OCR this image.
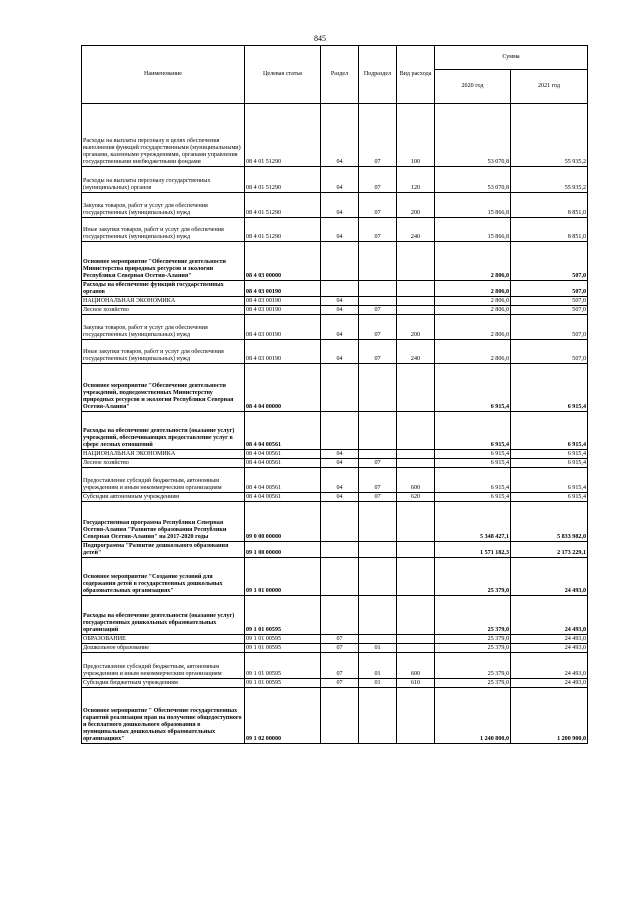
845
Наименование	Целевая статья	Раздел	Подраздел	Вид расхода	Сумма	
					2020 год	2021 год
Расходы на выплаты персоналу в целях обеспечения выполнения функций государственными (муниципальными) органами, казенными учреждениями, органами управления государственными внебюджетными фондами	08 4 01 51290	04	07	100	53 070,8	55 935,2
Расходы на выплаты персоналу государственных (муниципальных) органов	08 4 01 51290	04	07	120	53 070,8	55 935,2
Закупка товаров, работ и услуг для обеспечения государственных (муниципальных) нужд	08 4 01 51290	04	07	200	15 866,8	8 851,0
Иные закупки товаров, работ и услуг для обеспечения государственных (муниципальных) нужд	08 4 01 51290	04	07	240	15 866,8	8 851,0
Основное мероприятие "Обеспечение деятельности Министерства природных ресурсов и экологии Республики Северная Осетия-Алания"	08 4 03 00000				2 806,0	507,0
Расходы на обеспечение функций государственных органов	08 4 03 00190				2 806,0	507,0
НАЦИОНАЛЬНАЯ ЭКОНОМИКА	08 4 03 00190	04			2 806,0	507,0
Лесное хозяйство	08 4 03 00190	04	07		2 806,0	507,0
Закупка товаров, работ и услуг для обеспечения государственных (муниципальных) нужд	08 4 03 00190	04	07	200	2 806,0	507,0
Иные закупки товаров, работ и услуг для обеспечения государственных (муниципальных) нужд	08 4 03 00190	04	07	240	2 806,0	507,0
Основное мероприятие "Обеспечение деятельности учреждений, подведомственных Министерству природных ресурсов и экологии Республики Северная Осетия-Алания"	08 4 04 00000				6 915,4	6 915,4
Расходы на обеспечение деятельности (оказание услуг) учреждений, обеспечивающих предоставление услуг в сфере лесных отношений	08 4 04 00561				6 915,4	6 915,4
НАЦИОНАЛЬНАЯ ЭКОНОМИКА	08 4 04 00561	04			6 915,4	6 915,4
Лесное хозяйство	08 4 04 00561	04	07		6 915,4	6 915,4
Предоставление субсидий бюджетным, автономным учреждениям и иным некоммерческим организациям	08 4 04 00561	04	07	600	6 915,4	6 915,4
Субсидии автономным учреждениям	08 4 04 00561	04	07	620	6 915,4	6 915,4
Государственная программа Республики Северная Осетия-Алания "Развитие образования Республики Северная Осетия-Алания" на 2017-2020 годы	09 0 00 00000				5 348 427,1	5 833 982,0
Подпрограмма "Развитие дошкольного образования детей"	09 1 00 00000				1 571 182,3	2 173 229,1
Основное мероприятие "Создание условий для содержания детей в государственных дошкольных образовательных организациях"	09 1 01 00000				25 379,0	24 493,0
Расходы на обеспечение деятельности (оказание услуг) государственных дошкольных образовательных организаций	09 1 01 00595				25 379,0	24 493,0
ОБРАЗОВАНИЕ	09 1 01 00595	07			25 379,0	24 493,0
Дошкольное образование	09 1 01 00595	07	01		25 379,0	24 493,0
Предоставление субсидий бюджетным, автономным учреждениям и иным некоммерческим организациям	09 1 01 00595	07	01	600	25 379,0	24 493,0
Субсидии бюджетным учреждениям	09 1 01 00595	07	01	610	25 379,0	24 493,0
Основное мероприятие " Обеспечение государственных гарантий реализации прав на получение общедоступного и бесплатного дошкольного образования в муниципальных дошкольных образовательных организациях"	09 1 02 00000				1 240 800,0	1 200 900,0
